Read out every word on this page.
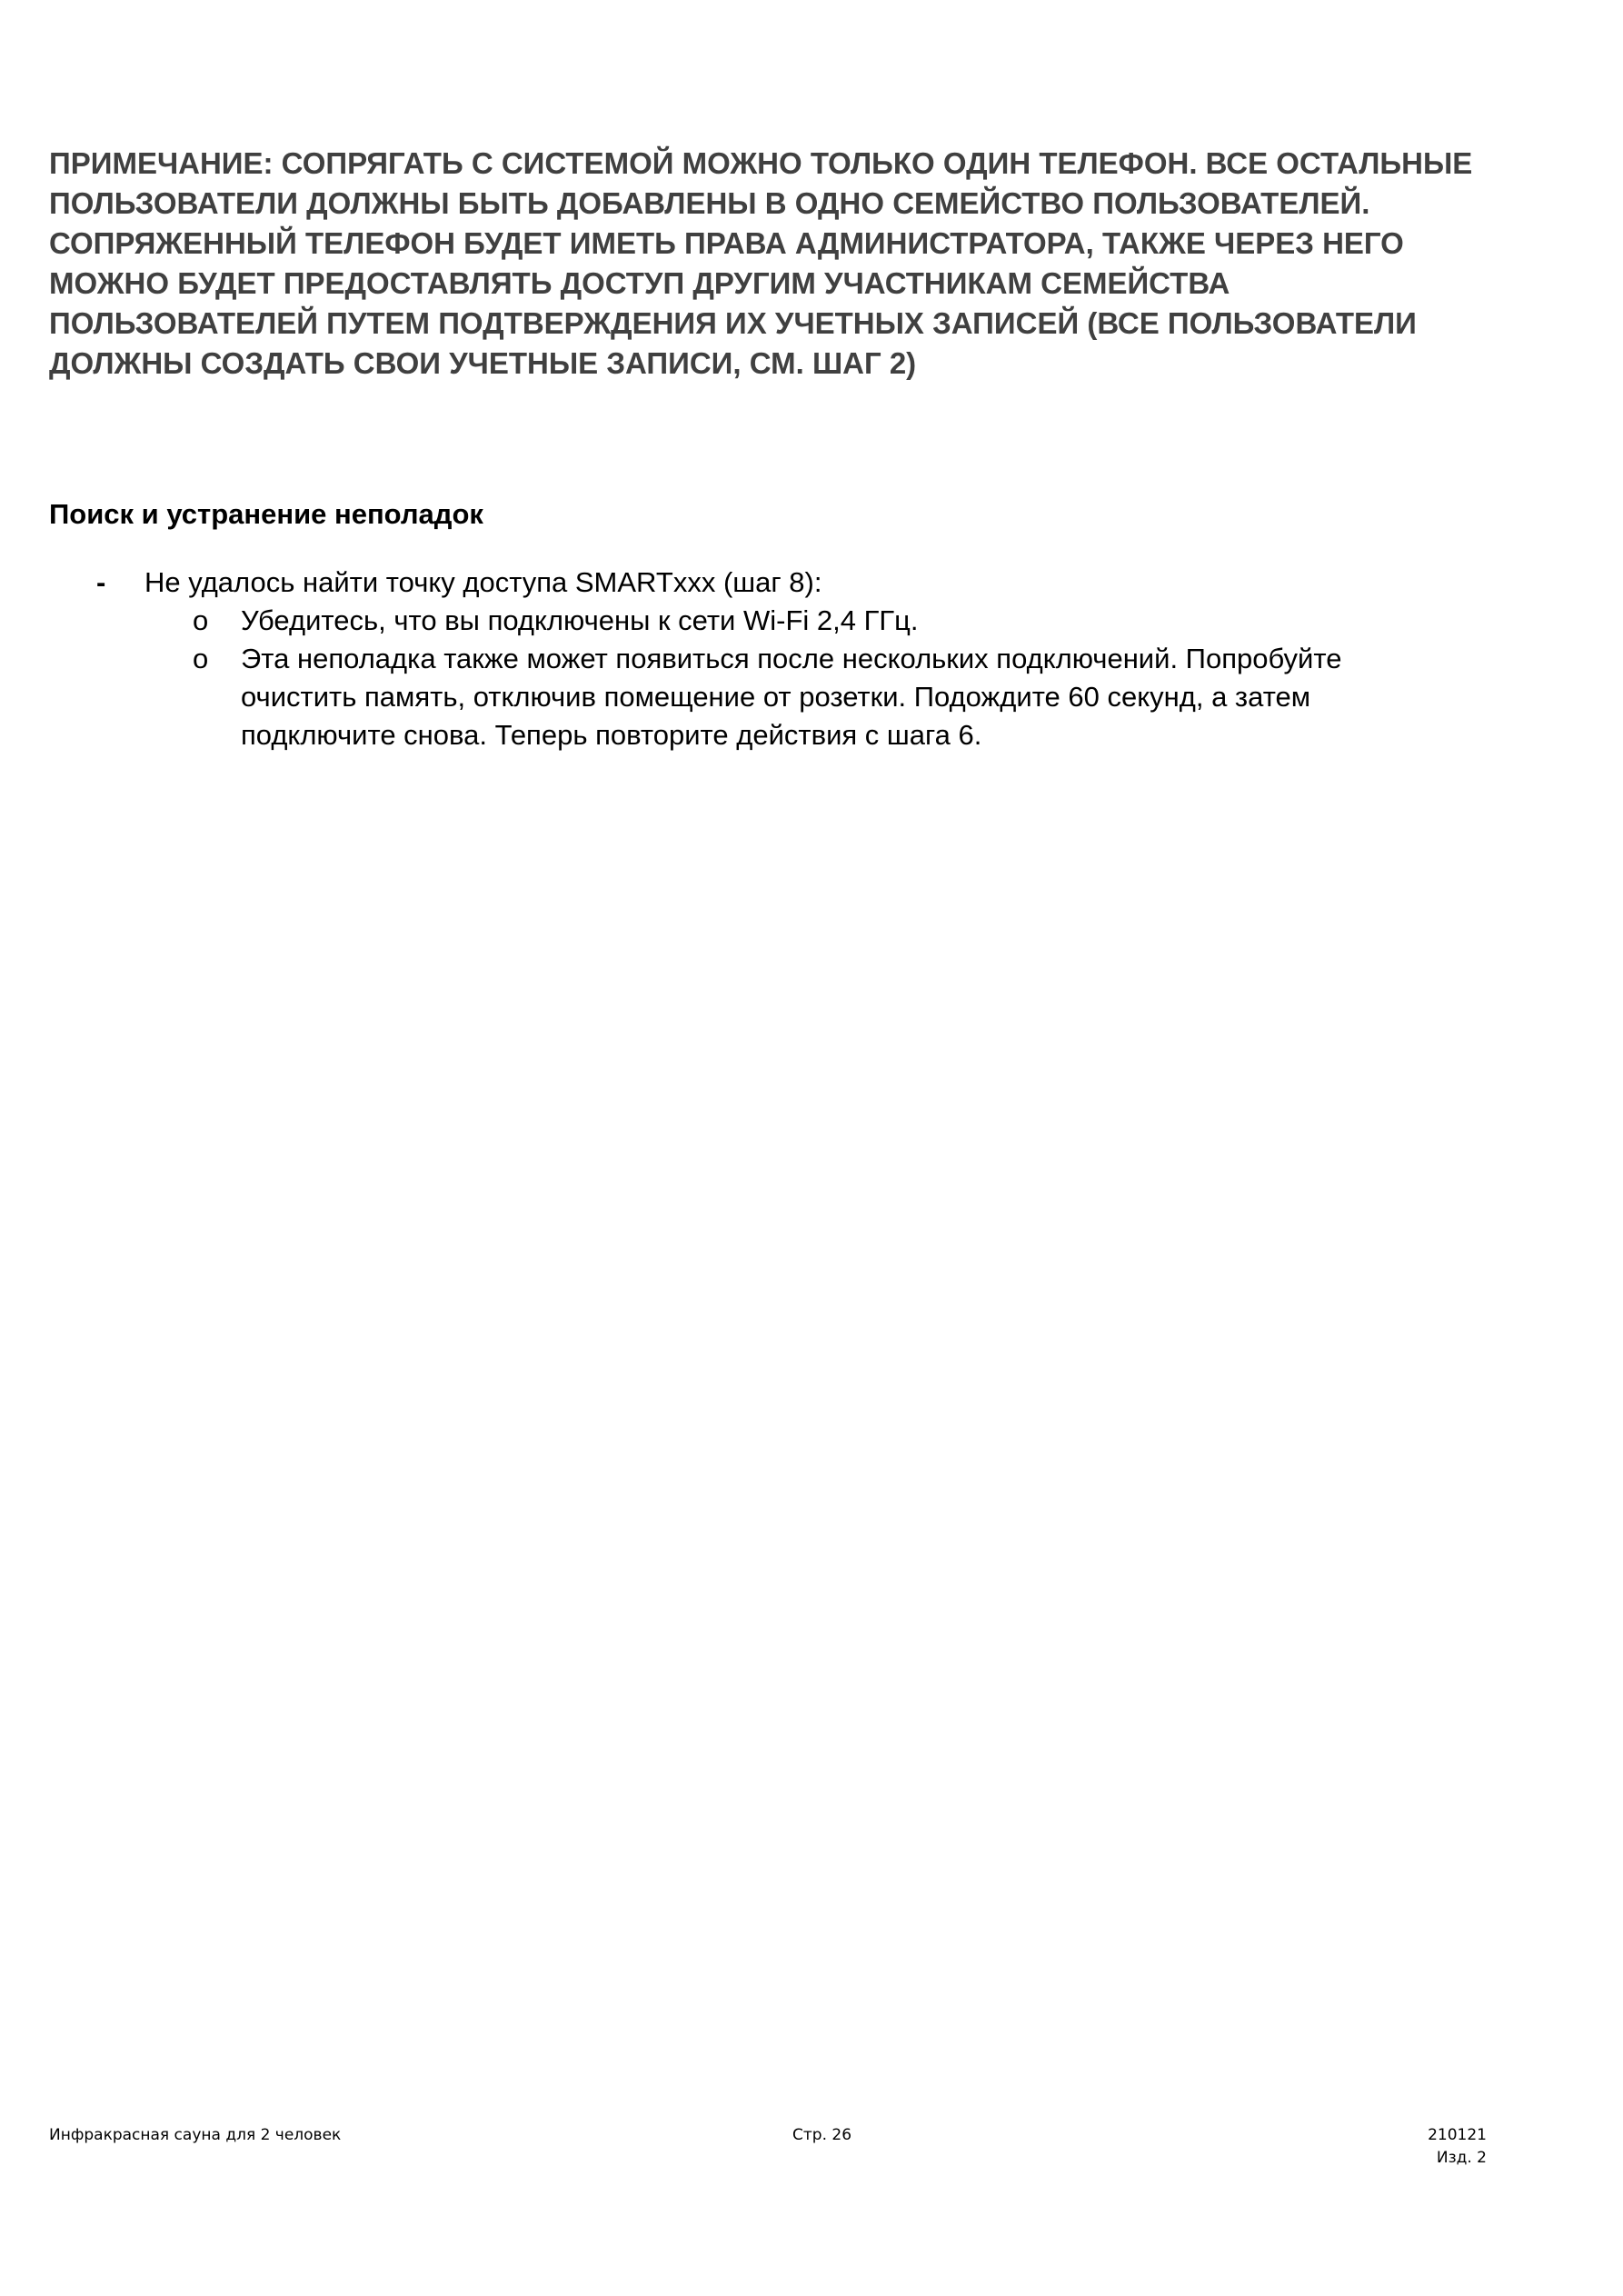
ПРИМЕЧАНИЕ: СОПРЯГАТЬ С СИСТЕМОЙ МОЖНО ТОЛЬКО ОДИН ТЕЛЕФОН. ВСЕ ОСТАЛЬНЫЕ
ПОЛЬЗОВАТЕЛИ ДОЛЖНЫ БЫТЬ ДОБАВЛЕНЫ В ОДНО СЕМЕЙСТВО ПОЛЬЗОВАТЕЛЕЙ.
СОПРЯЖЕННЫЙ ТЕЛЕФОН БУДЕТ ИМЕТЬ ПРАВА АДМИНИСТРАТОРА, ТАКЖЕ ЧЕРЕЗ НЕГО
МОЖНО БУДЕТ ПРЕДОСТАВЛЯТЬ ДОСТУП ДРУГИМ УЧАСТНИКАМ СЕМЕЙСТВА
ПОЛЬЗОВАТЕЛЕЙ ПУТЕМ ПОДТВЕРЖДЕНИЯ ИХ УЧЕТНЫХ ЗАПИСЕЙ (ВСЕ ПОЛЬЗОВАТЕЛИ
ДОЛЖНЫ СОЗДАТЬ СВОИ УЧЕТНЫЕ ЗАПИСИ, СМ. ШАГ 2)
Поиск и устранение неполадок
- Не удалось найти точку доступа SMARTxxx (шаг 8):
o Убедитесь, что вы подключены к сети Wi-Fi 2,4 ГГц.
o Эта неполадка также может появиться после нескольких подключений. Попробуйте
очистить память, отключив помещение от розетки. Подождите 60 секунд, а затем
подключите снова. Теперь повторите действия с шага 6.
Инфракрасная сауна для 2 человек	Стр. 26	210121
Изд. 2
